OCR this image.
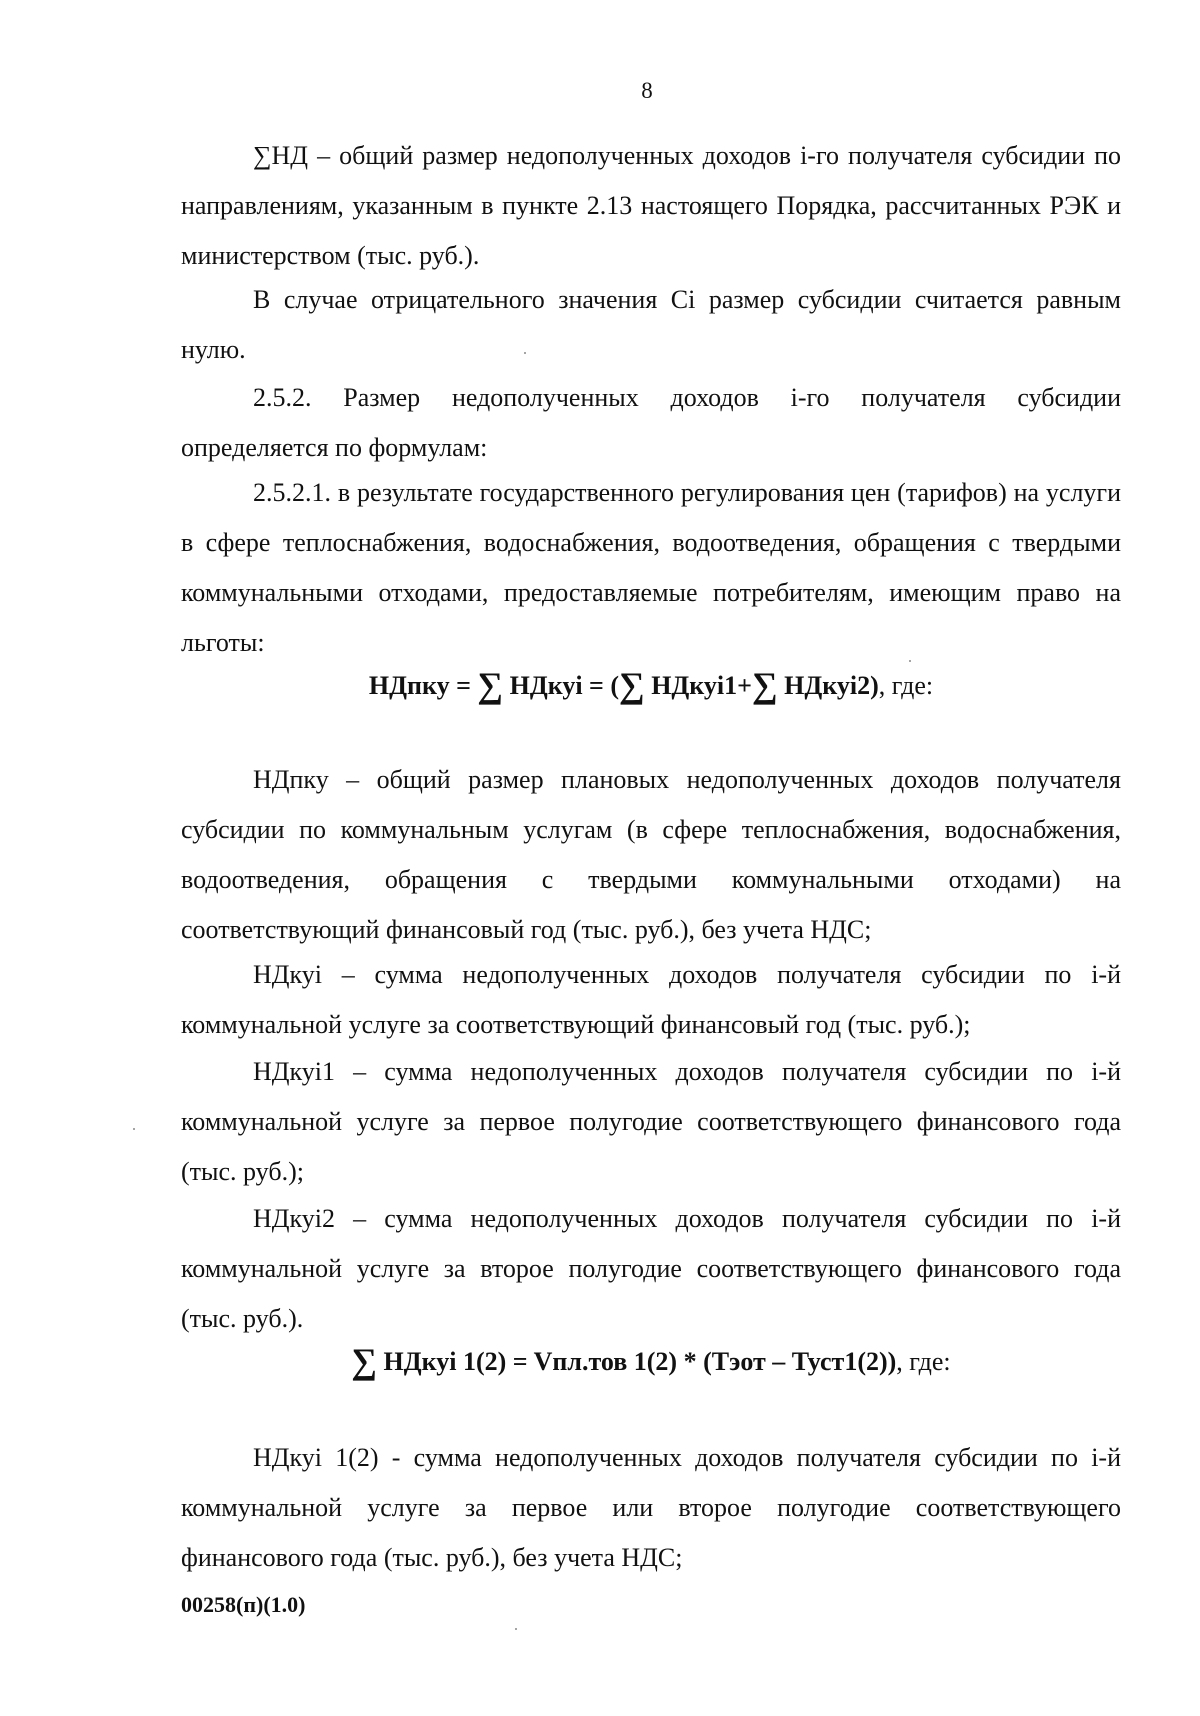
8

∑НД – общий размер недополученных доходов i-го получателя субсидии по направлениям, указанным в пункте 2.13 настоящего Порядка, рассчитанных РЭК и министерством (тыс. руб.).

В случае отрицательного значения Ci размер субсидии считается равным нулю.

2.5.2. Размер недополученных доходов i-го получателя субсидии определяется по формулам:

2.5.2.1. в результате государственного регулирования цен (тарифов) на услуги в сфере теплоснабжения, водоснабжения, водоотведения, обращения с твердыми коммунальными отходами, предоставляемые потребителям, имеющим право на льготы:

НДпку = ∑ НДкуi = (∑ НДкуi1+∑ НДкуi2), где:

НДпку – общий размер плановых недополученных доходов получателя субсидии по коммунальным услугам (в сфере теплоснабжения, водоснабжения, водоотведения, обращения с твердыми коммунальными отходами) на соответствующий финансовый год (тыс. руб.), без учета НДС;

НДкуi – сумма недополученных доходов получателя субсидии по i-й коммунальной услуге за соответствующий финансовый год (тыс. руб.);

НДкуi1 – сумма недополученных доходов получателя субсидии по i-й коммунальной услуге за первое полугодие соответствующего финансового года (тыс. руб.);

НДкуi2 – сумма недополученных доходов получателя субсидии по i-й коммунальной услуге за второе полугодие соответствующего финансового года (тыс. руб.).

∑ НДкуi 1(2) = Vпл.тов 1(2) * (Тэот – Туст1(2)), где:

НДкуi 1(2) - сумма недополученных доходов получателя субсидии по i-й коммунальной услуге за первое или второе полугодие соответствующего финансового года (тыс. руб.), без учета НДС;

00258(п)(1.0)
